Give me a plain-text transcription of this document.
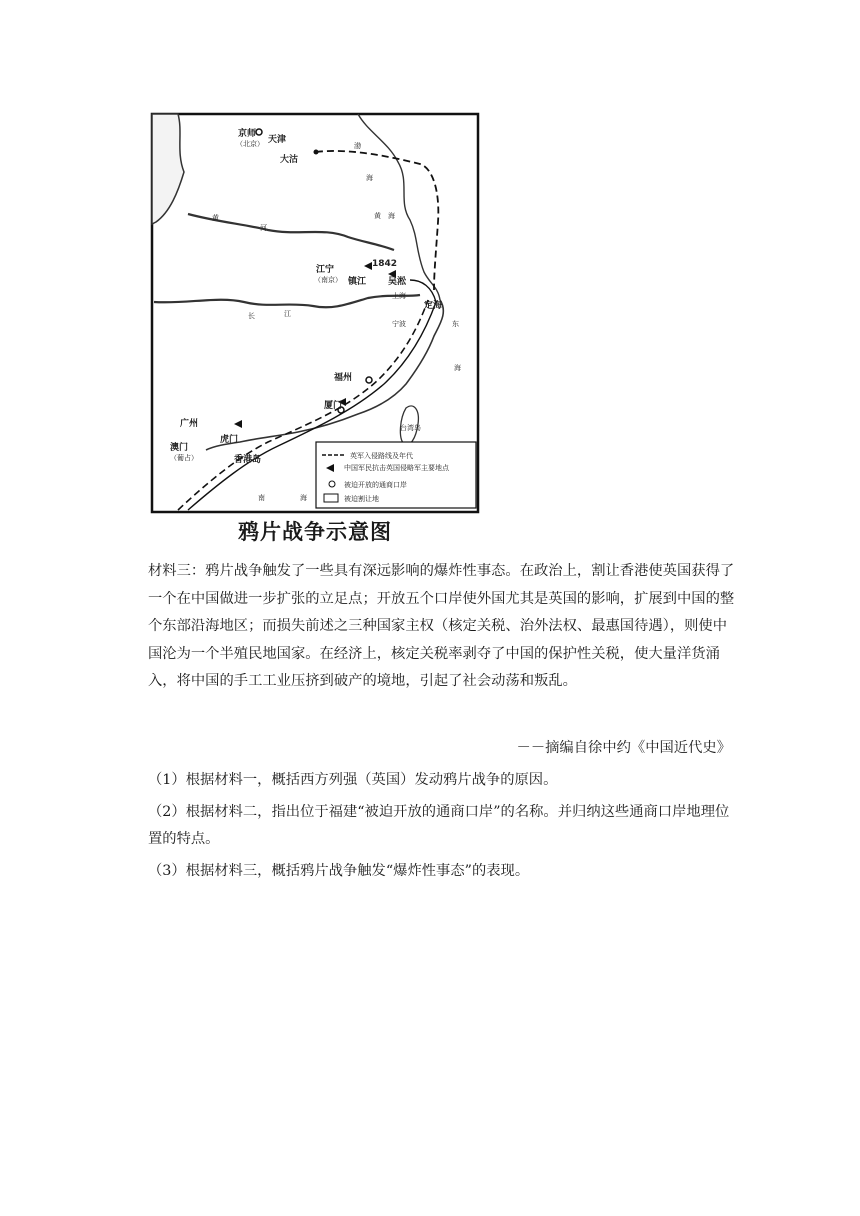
京师
（北京） 天津
大沽
渤
海
黄
河
黄 海
江宁
（南京）
1842
镇江 吴淞
上海
定海
宁波
长	江
东
海
福州
厦门
台湾岛
广州
虎门
澳门
（葡占）	香港岛
南	海
英军入侵路线及年代
中国军民抗击英国侵略军主要地点
被迫开放的通商口岸
被迫割让地
鸦片战争示意图

材料三：鸦片战争触发了一些具有深远影响的爆炸性事态。在政治上，割让香港使英国获得了一个在中国做进一步扩张的立足点；开放五个口岸使外国尤其是英国的影响，扩展到中国的整个东部沿海地区；而损失前述之三种国家主权（核定关税、治外法权、最惠国待遇），则使中国沦为一个半殖民地国家。在经济上，核定关税率剥夺了中国的保护性关税，使大量洋货涌入，将中国的手工工业压挤到破产的境地，引起了社会动荡和叛乱。

－－摘编自徐中约《中国近代史》

（1）根据材料一，概括西方列强（英国）发动鸦片战争的原因。

（2）根据材料二，指出位于福建“被迫开放的通商口岸”的名称。并归纳这些通商口岸地理位置的特点。

（3）根据材料三，概括鸦片战争触发“爆炸性事态”的表现。
